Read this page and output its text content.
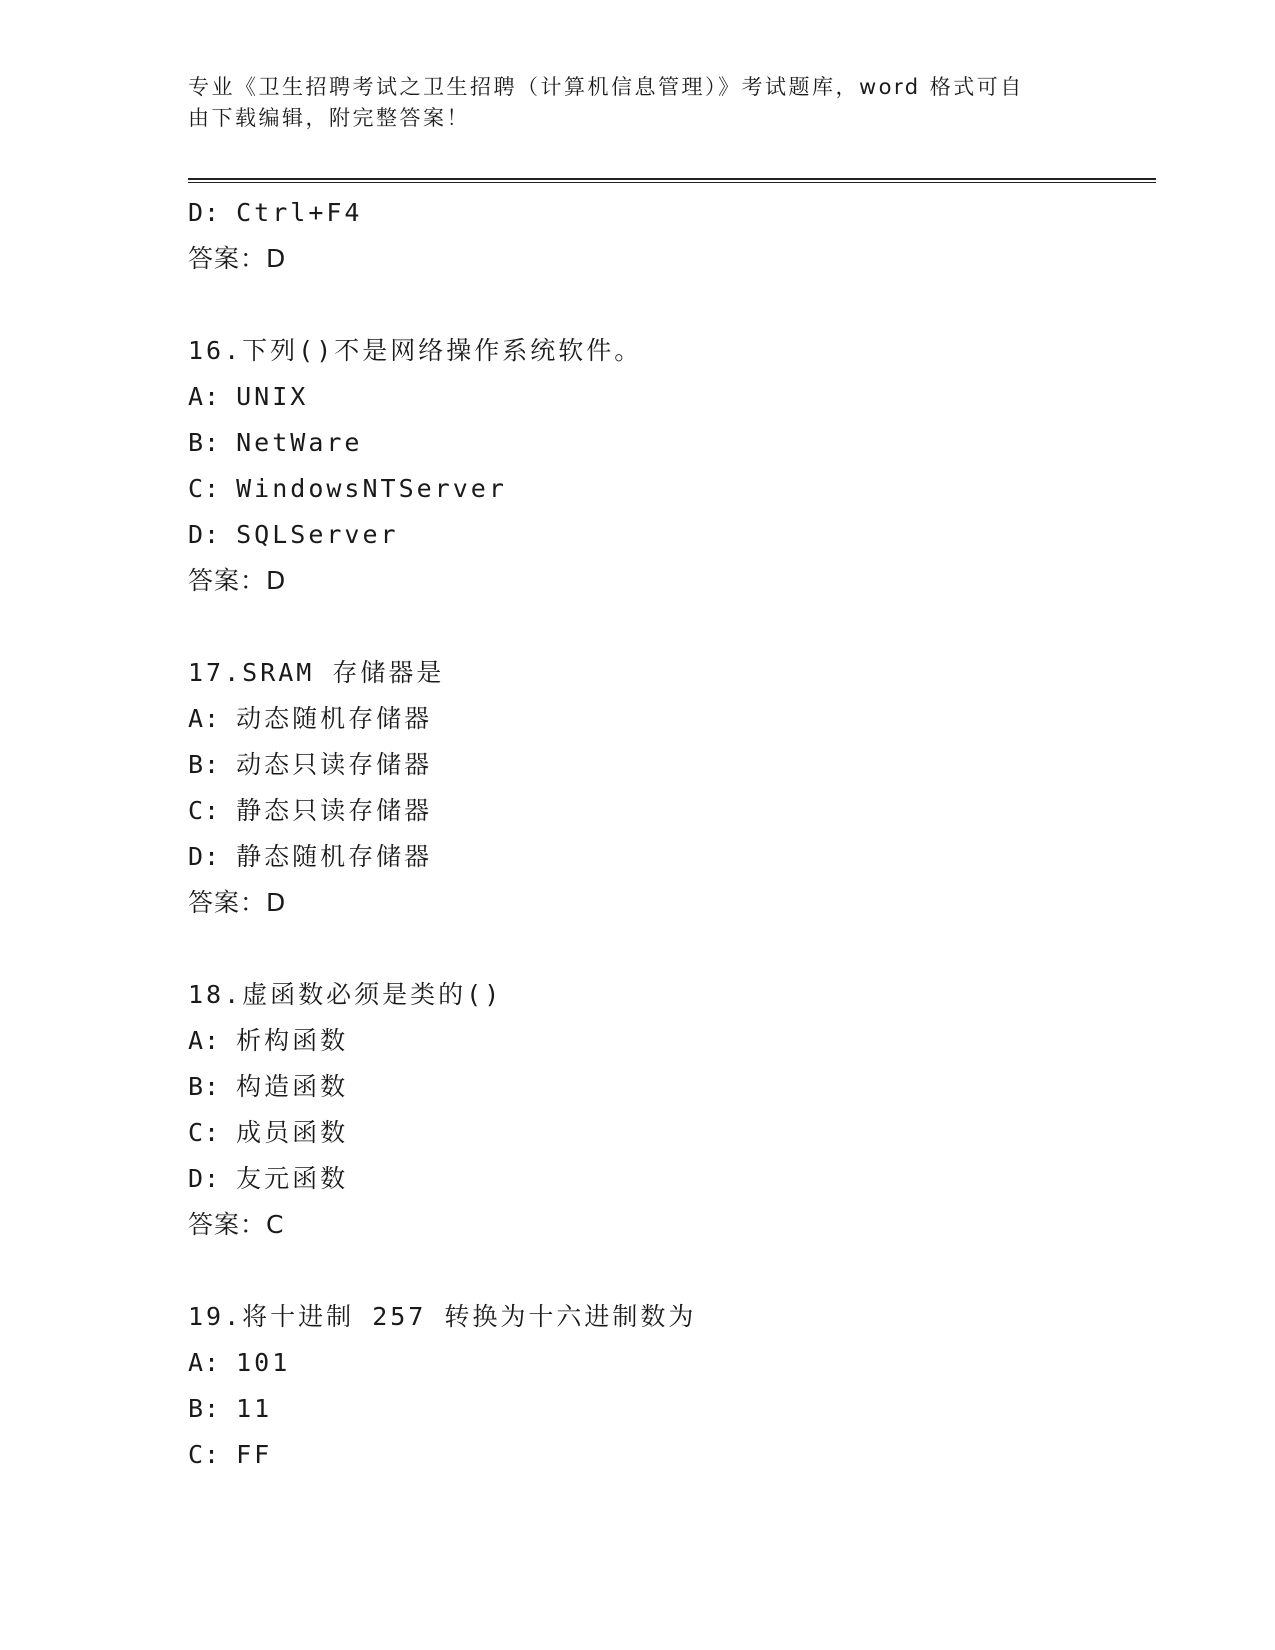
专业《卫生招聘考试之卫生招聘（计算机信息管理）》考试题库，word 格式可自
由下载编辑，附完整答案！
D: Ctrl+F4
答案：D
16.下列()不是网络操作系统软件。
A: UNIX
B: NetWare
C: WindowsNTServer
D: SQLServer
答案：D
17.SRAM 存储器是
A: 动态随机存储器
B: 动态只读存储器
C: 静态只读存储器
D: 静态随机存储器
答案：D
18.虚函数必须是类的()
A: 析构函数
B: 构造函数
C: 成员函数
D: 友元函数
答案：C
19.将十进制 257 转换为十六进制数为
A: 101
B: 11
C: FF
